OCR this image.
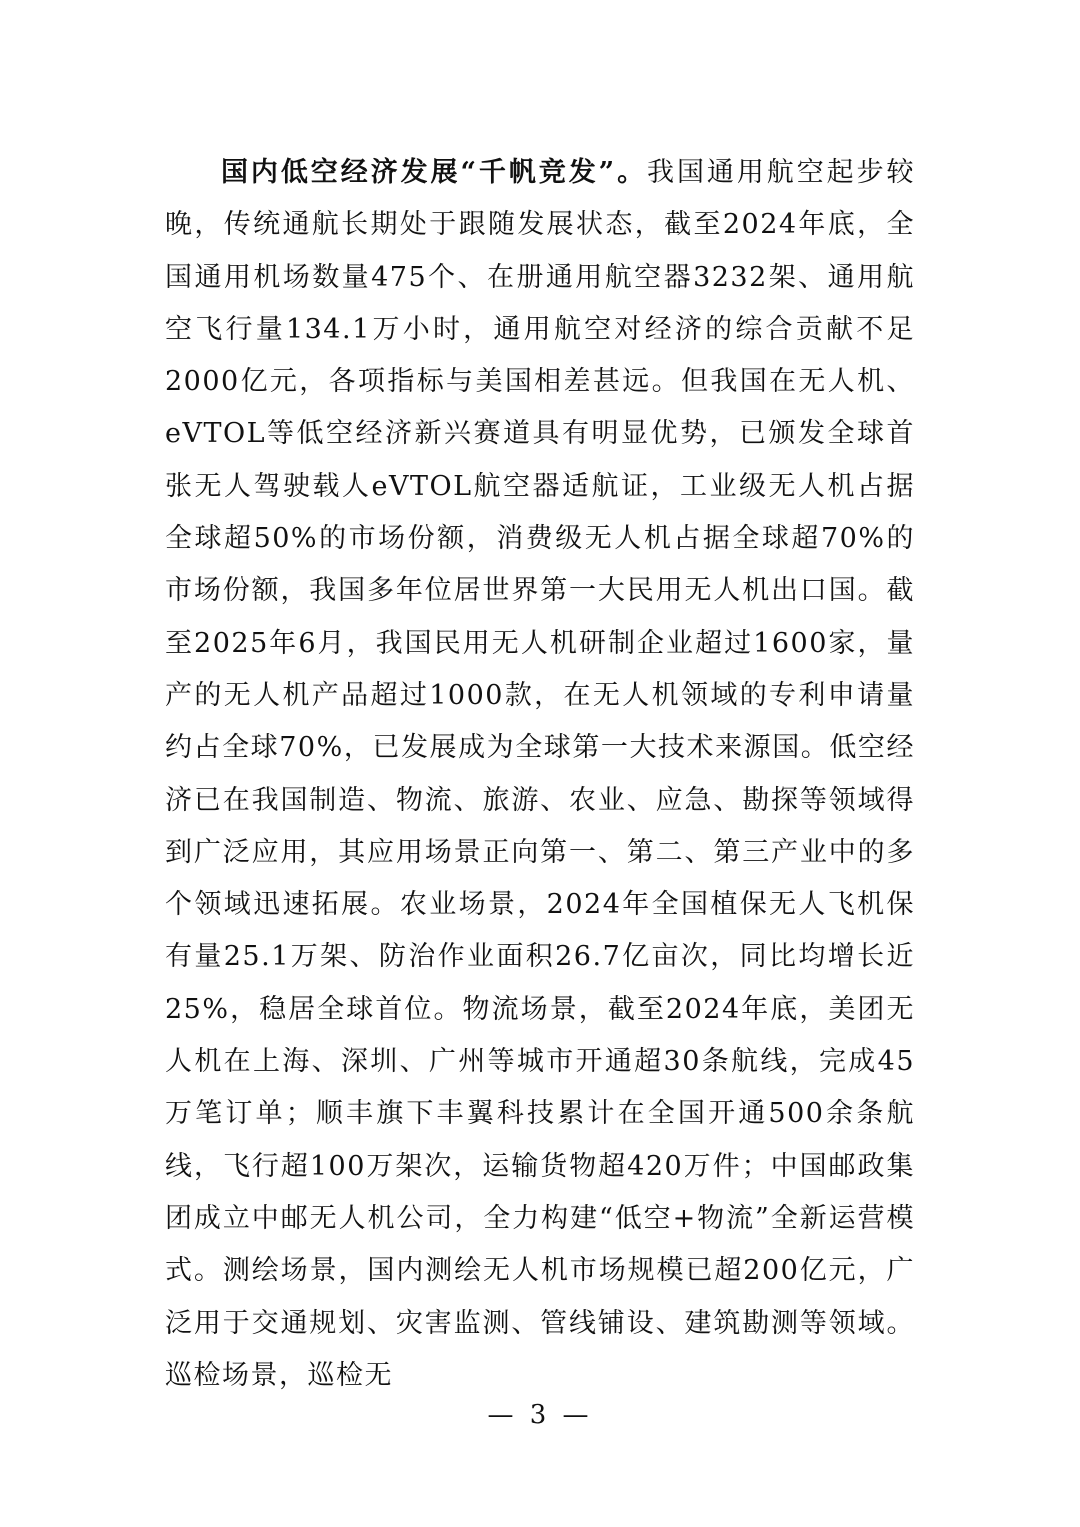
国内低空经济发展“千帆竞发”。我国通用航空起步较晚，传统通航长期处于跟随发展状态，截至2024年底，全国通用机场数量475个、在册通用航空器3232架、通用航空飞行量134.1万小时，通用航空对经济的综合贡献不足2000亿元，各项指标与美国相差甚远。但我国在无人机、eVTOL等低空经济新兴赛道具有明显优势，已颁发全球首张无人驾驶载人eVTOL航空器适航证，工业级无人机占据全球超50%的市场份额，消费级无人机占据全球超70%的市场份额，我国多年位居世界第一大民用无人机出口国。截至2025年6月，我国民用无人机研制企业超过1600家，量产的无人机产品超过1000款，在无人机领域的专利申请量约占全球70%，已发展成为全球第一大技术来源国。低空经济已在我国制造、物流、旅游、农业、应急、勘探等领域得到广泛应用，其应用场景正向第一、第二、第三产业中的多个领域迅速拓展。农业场景，2024年全国植保无人飞机保有量25.1万架、防治作业面积26.7亿亩次，同比均增长近25%，稳居全球首位。物流场景，截至2024年底，美团无人机在上海、深圳、广州等城市开通超30条航线，完成45万笔订单；顺丰旗下丰翼科技累计在全国开通500余条航线，飞行超100万架次，运输货物超420万件；中国邮政集团成立中邮无人机公司，全力构建“低空+物流”全新运营模式。测绘场景，国内测绘无人机市场规模已超200亿元，广泛用于交通规划、灾害监测、管线铺设、建筑勘测等领域。巡检场景，巡检无

— 3 —
